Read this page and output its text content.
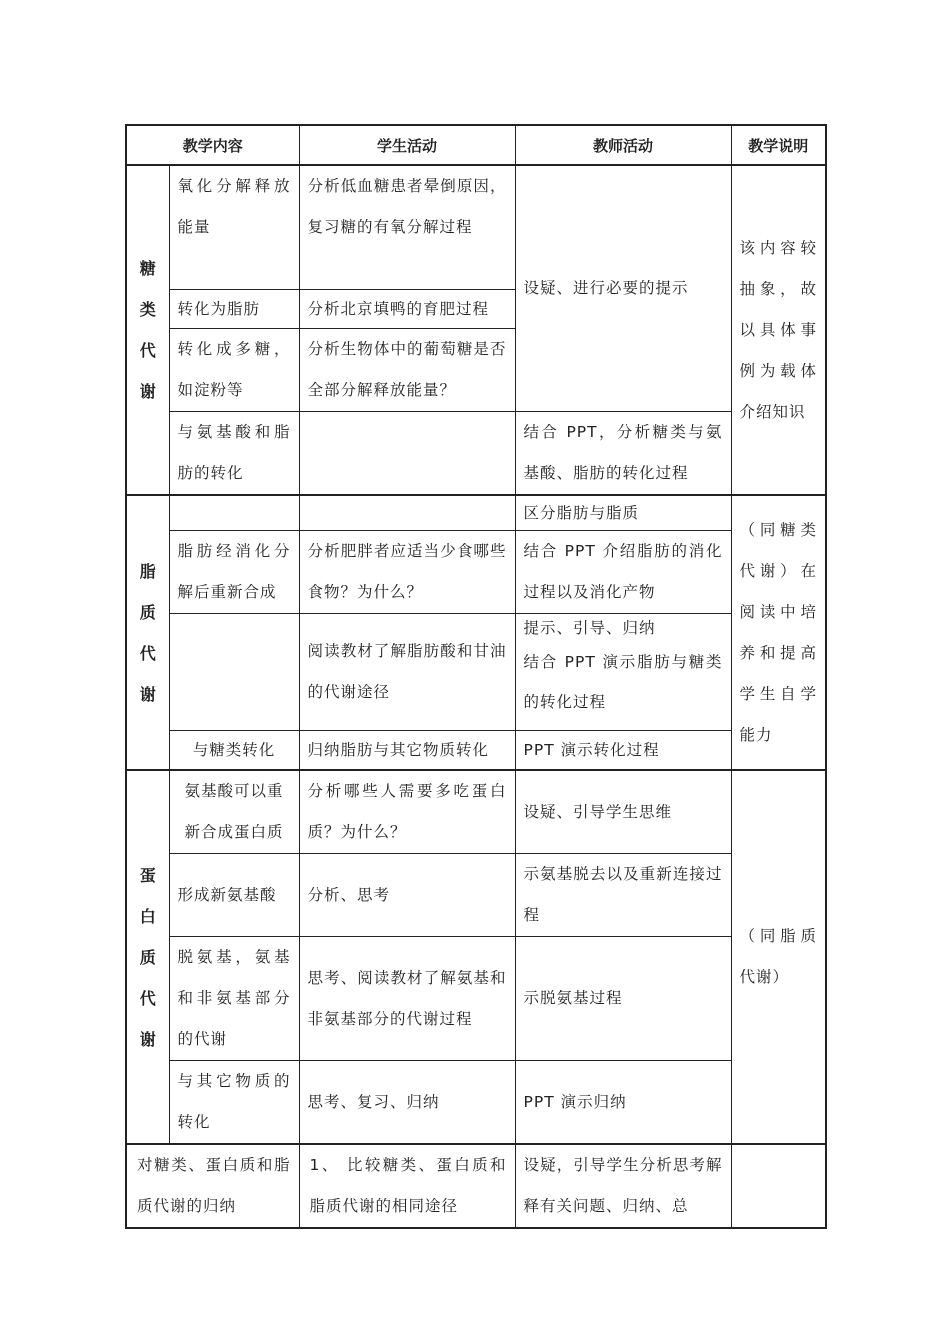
教学内容		学生活动	教师活动	教学说明

糖
类
代
谢	氧化分解释放能量	分析低血糖患者晕倒原因，复习糖的有氧分解过程	设疑、进行必要的提示	该内容较抽象，故以具体事例为载体介绍知识

	转化为脂肪	分析北京填鸭的育肥过程		

	转化成多糖，如淀粉等	分析生物体中的葡萄糖是否全部分解释放能量？		

	与氨基酸和脂肪的转化		结合 PPT，分析糖类与氨基酸、脂肪的转化过程	

脂
质
代
谢			区分脂肪与脂质	（同糖类代谢）在阅读中培养和提高学生自学能力

	脂肪经消化分解后重新合成	分析肥胖者应适当少食哪些食物？为什么？	结合 PPT 介绍脂肪的消化过程以及消化产物	

		阅读教材了解脂肪酸和甘油的代谢途径	提示、引导、归纳
结合 PPT 演示脂肪与糖类的转化过程	

	与糖类转化	归纳脂肪与其它物质转化	PPT 演示转化过程	

蛋
白
质
代
谢	氨基酸可以重新合成蛋白质	分析哪些人需要多吃蛋白质？为什么？	设疑、引导学生思维	（同脂质代谢）

	形成新氨基酸	分析、思考	示氨基脱去以及重新连接过程	

	脱氨基，氨基和非氨基部分的代谢	思考、阅读教材了解氨基和非氨基部分的代谢过程	示脱氨基过程	

	与其它物质的转化	思考、复习、归纳	PPT 演示归纳	

对糖类、蛋白质和脂质代谢的归纳		1、 比较糖类、蛋白质和脂质代谢的相同途径	设疑，引导学生分析思考解释有关问题、归纳、总	
